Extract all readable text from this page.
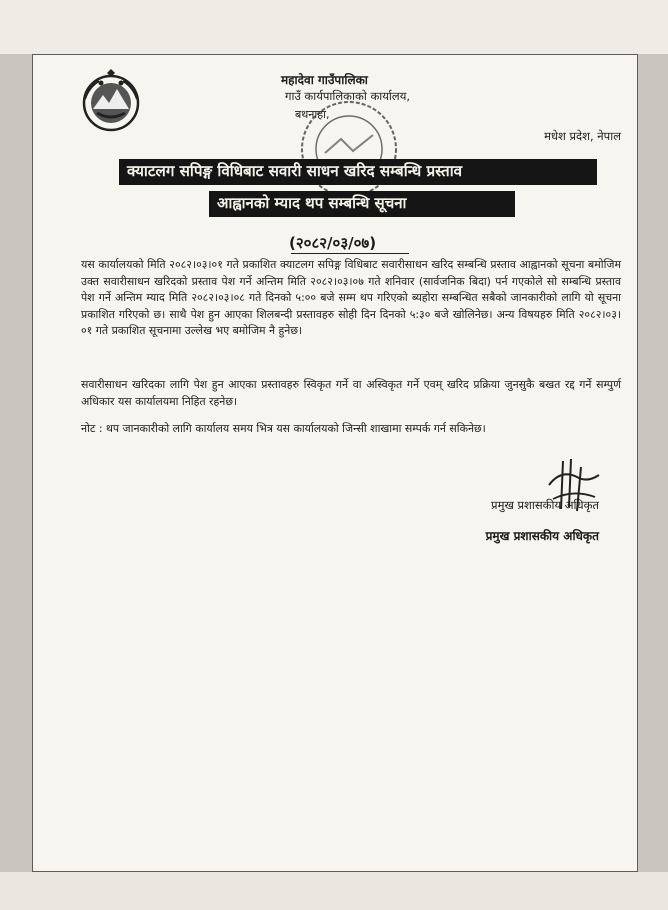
महादेवा गाउँपालिका
गाउँ कार्यपालिकाको कार्यालय,
बथनाहा,
मधेश प्रदेश, नेपाल
क्याटलग सपिङ्ग विधिबाट सवारी साधन खरिद सम्बन्धि प्रस्ताव
आह्वानको म्याद थप सम्बन्धि सूचना
(२०८२/०३/०७)

यस कार्यालयको मिति २०८२।०३।०१ गते प्रकाशित क्याटलग सपिङ्ग विधिबाट सवारीसाधन खरिद सम्बन्धि प्रस्ताव आह्वानको सूचना बमोजिम उक्त सवारीसाधन खरिदको प्रस्ताव पेश गर्ने अन्तिम मिति २०८२।०३।०७ गते शनिवार (सार्वजनिक बिदा) पर्न गएकोले सो सम्बन्धि प्रस्ताव पेश गर्ने अन्तिम म्याद मिति २०८२।०३।०८ गते दिनको ५:०० बजे सम्म थप गरिएको ब्यहोरा सम्बन्धित सबैको जानकारीको लागि यो सूचना प्रकाशित गरिएको छ। साथै पेश हुन आएका शिलबन्दी प्रस्तावहरु सोही दिन दिनको ५:३० बजे खोलिनेछ। अन्य विषयहरु मिति २०८२।०३।०१ गते प्रकाशित सूचनामा उल्लेख भए बमोजिम नै हुनेछ।

सवारीसाधन खरिदका लागि पेश हुन आएका प्रस्तावहरु स्विकृत गर्ने वा अस्विकृत गर्ने एवम् खरिद प्रक्रिया जुनसुकै बखत रद्द गर्ने सम्पुर्ण अधिकार यस कार्यालयमा निहित रहनेछ।

नोट : थप जानकारीको लागि कार्यालय समय भित्र यस कार्यालयको जिन्सी शाखामा सम्पर्क गर्न सकिनेछ।

प्रमुख प्रशासकीय अधिकृत
प्रमुख प्रशासकीय अधिकृत
